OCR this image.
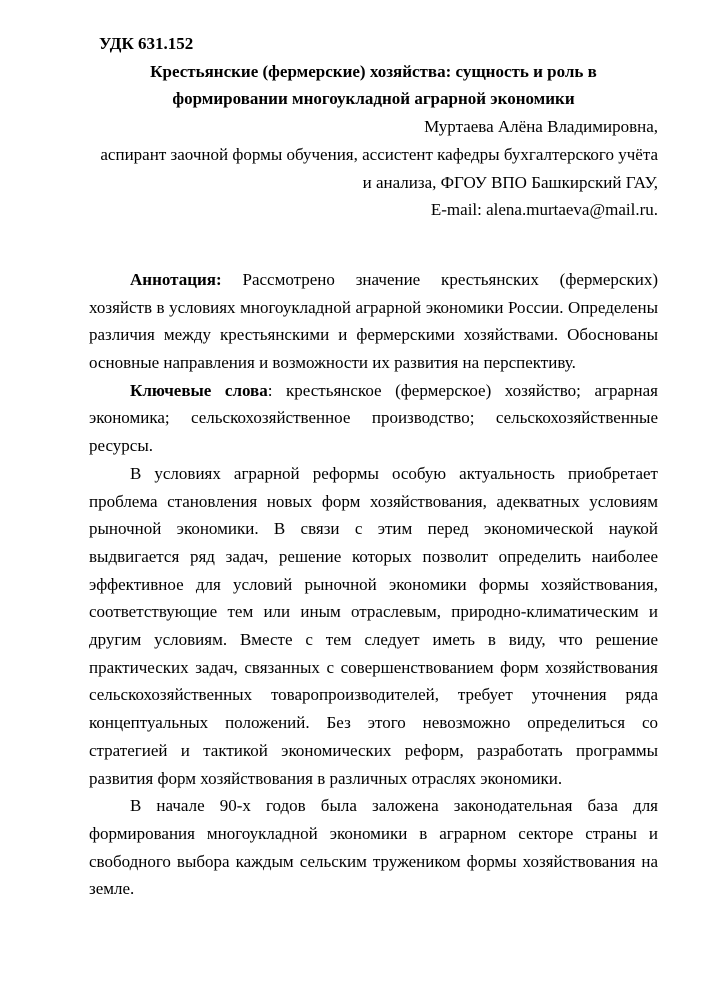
УДК 631.152

Крестьянские (фермерские) хозяйства: сущность и роль в
формировании многоукладной аграрной экономики

Муртаева Алёна Владимировна,

аспирант заочной формы обучения, ассистент кафедры бухгалтерского учёта

и анализа, ФГОУ ВПО Башкирский ГАУ,

E-mail: alena.murtaeva@mail.ru.

Аннотация: Рассмотрено значение крестьянских (фермерских) хозяйств в условиях многоукладной аграрной экономики России. Определены различия между крестьянскими и фермерскими хозяйствами. Обоснованы основные направления и возможности их развития на перспективу.

Ключевые слова: крестьянское (фермерское) хозяйство; аграрная экономика; сельскохозяйственное производство; сельскохозяйственные ресурсы.

В условиях аграрной реформы особую актуальность приобретает проблема становления новых форм хозяйствования, адекватных условиям рыночной экономики. В связи с этим перед экономической наукой выдвигается ряд задач, решение которых позволит определить наиболее эффективное для условий рыночной экономики формы хозяйствования, соответствующие тем или иным отраслевым, природно-климатическим и другим условиям. Вместе с тем следует иметь в виду, что решение практических задач, связанных с совершенствованием форм хозяйствования сельскохозяйственных товаропроизводителей, требует уточнения ряда концептуальных положений. Без этого невозможно определиться со стратегией и тактикой экономических реформ, разработать программы развития форм хозяйствования в различных отраслях экономики.

В начале 90-х годов была заложена законодательная база для формирования многоукладной экономики в аграрном секторе страны и свободного выбора каждым сельским тружеником формы хозяйствования на земле.
